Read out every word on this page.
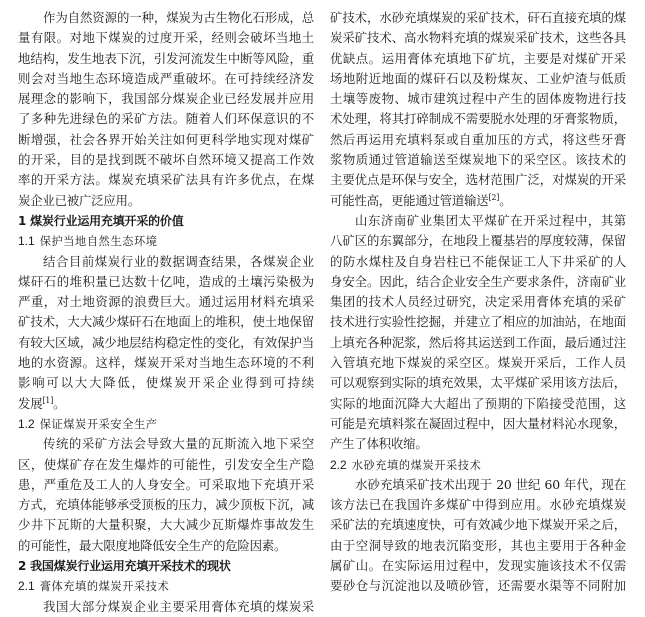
作为自然资源的一种，煤炭为古生物化石形成，总
量有限。对地下煤炭的过度开采，经则会破坏当地土
地结构，发生地表下沉，引发河流发生中断等风险，重
则会对当地生态环境造成严重破坏。在可持续经济发
展理念的影响下，我国部分煤炭企业已经发展并应用
了多种先进绿色的采矿方法。随着人们环保意识的不
断增强，社会各界开始关注如何更科学地实现对煤矿
的开采，目的是找到既不破坏自然环境又提高工作效
率的开采方法。煤炭充填采矿法具有许多优点，在煤
炭企业已被广泛应用。
1 煤炭行业运用充填开采的价值
1.1 保护当地自然生态环境
结合目前煤炭行业的数据调查结果，各煤炭企业
煤矸石的堆积量已达数十亿吨，造成的土壤污染极为
严重，对土地资源的浪费巨大。通过运用材料充填采
矿技术，大大减少煤矸石在地面上的堆积，使土地保留
有较大区域，减少地层结构稳定性的变化，有效保护当
地的水资源。这样，煤炭开采对当地生态环境的不利
影响可以大大降低，使煤炭开采企业得到可持续
发展[1]。
1.2 保证煤炭开采安全生产
传统的采矿方法会导致大量的瓦斯流入地下采空
区，使煤矿存在发生爆炸的可能性，引发安全生产隐
患，严重危及工人的人身安全。可采取地下充填开采
方式，充填体能够承受顶板的压力，减少顶板下沉，减
少井下瓦斯的大量积聚，大大减少瓦斯爆炸事故发生
的可能性，最大限度地降低安全生产的危险因素。
2 我国煤炭行业运用充填开采技术的现状
2.1 膏体充填的煤炭开采技术
我国大部分煤炭企业主要采用膏体充填的煤炭采
矿技术，水砂充填煤炭的采矿技术，矸石直接充填的煤
炭采矿技术、高水物料充填的煤炭采矿技术，这些各具
优缺点。运用膏体充填地下矿坑，主要是对煤矿开采
场地附近地面的煤矸石以及粉煤灰、工业炉渣与低质
土壤等废物、城市建筑过程中产生的固体废物进行技
术处理，将其打碎制成不需要脱水处理的牙膏浆物质，
然后再运用充填料泵或自重加压的方式，将这些牙膏
浆物质通过管道输送至煤炭地下的采空区。该技术的
主要优点是环保与安全，选材范围广泛，对煤炭的开采
可能性高，更能通过管道输送[2]。
山东济南矿业集团太平煤矿在开采过程中，其第
八矿区的东翼部分，在地段上覆基岩的厚度较薄，保留
的防水煤柱及自身岩柱已不能保证工人下井采矿的人
身安全。因此，结合企业安全生产要求条件，济南矿业
集团的技术人员经过研究，决定采用膏体充填的采矿
技术进行实验性挖掘，并建立了相应的加油站，在地面
上填充各种泥浆，然后将其运送到工作面，最后通过注
入管填充地下煤炭的采空区。煤炭开采后，工作人员
可以观察到实际的填充效果，太平煤矿采用该方法后，
实际的地面沉降大大超出了预期的下陷接受范围，这
可能是充填料浆在凝固过程中，因大量材料沁水现象，
产生了体积收缩。
2.2 水砂充填的煤炭开采技术
水砂充填采矿技术出现于 20 世纪 60 年代，现在
该方法已在我国许多煤矿中得到应用。水砂充填煤炭
采矿法的充填速度快，可有效减少地下煤炭开采之后，
由于空洞导致的地表沉陷变形，其也主要用于各种金
属矿山。在实际运用过程中，发现实施该技术不仅需
要砂仓与沉淀池以及喷砂管，还需要水渠等不同附加
